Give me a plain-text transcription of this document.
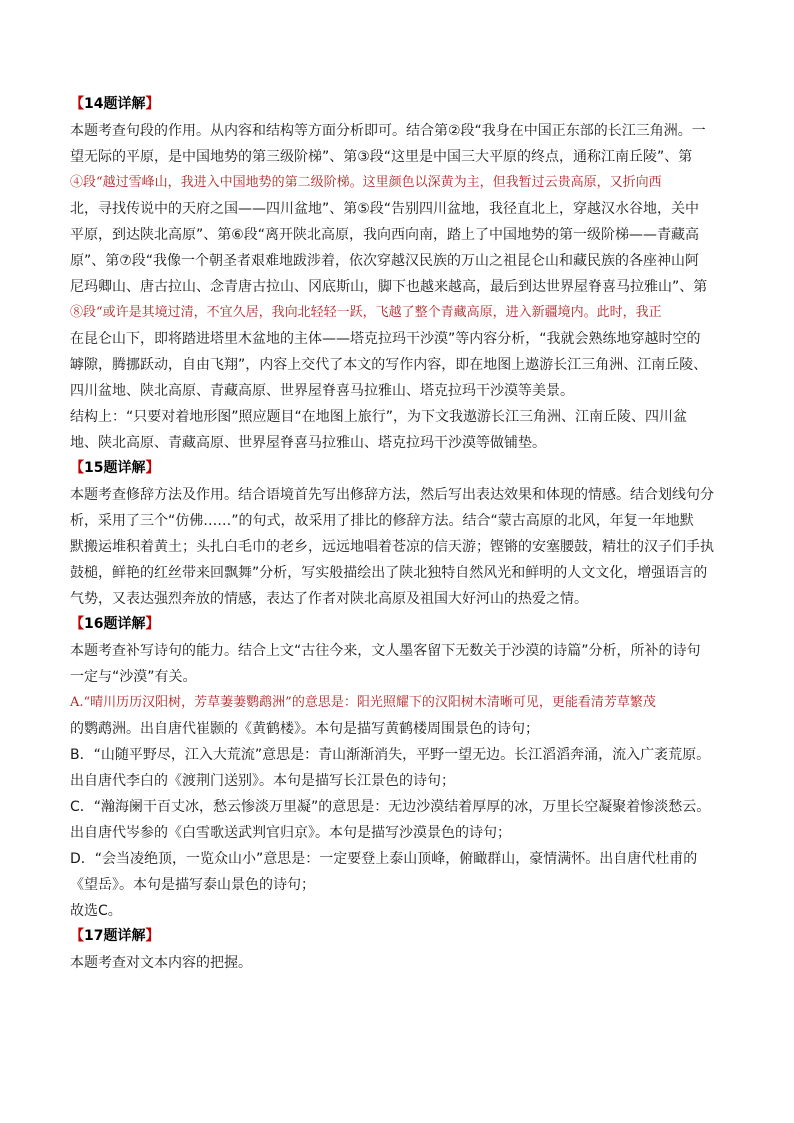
【14题详解】

本题考查句段的作用。从内容和结构等方面分析即可。结合第②段“我身在中国正东部的长江三角洲。一

望无际的平原，是中国地势的第三级阶梯”、第③段“这里是中国三大平原的终点，通称江南丘陵”、第

④段“越过雪峰山，我进入中国地势的第二级阶梯。这里颜色以深黄为主，但我暂过云贵高原，又折向西

北，寻找传说中的天府之国——四川盆地”、第⑤段“告别四川盆地，我径直北上，穿越汉水谷地，关中

平原，到达陕北高原”、第⑥段“离开陕北高原，我向西向南，踏上了中国地势的第一级阶梯——青藏高

原”、第⑦段“我像一个朝圣者艰难地跋涉着，依次穿越汉民族的万山之祖昆仑山和藏民族的各座神山阿

尼玛卿山、唐古拉山、念青唐古拉山、冈底斯山，脚下也越来越高，最后到达世界屋脊喜马拉雅山”、第

⑧段“或许是其境过清，不宜久居，我向北轻轻一跃，飞越了整个青藏高原，进入新疆境内。此时，我正

在昆仑山下，即将踏进塔里木盆地的主体——塔克拉玛干沙漠”等内容分析，“我就会熟练地穿越时空的

罅隙，腾挪跃动，自由飞翔”，内容上交代了本文的写作内容，即在地图上遨游长江三角洲、江南丘陵、

四川盆地、陕北高原、青藏高原、世界屋脊喜马拉雅山、塔克拉玛干沙漠等美景。

结构上：“只要对着地形图”照应题目“在地图上旅行”，为下文我遨游长江三角洲、江南丘陵、四川盆

地、陕北高原、青藏高原、世界屋脊喜马拉雅山、塔克拉玛干沙漠等做铺垫。

【15题详解】

本题考查修辞方法及作用。结合语境首先写出修辞方法，然后写出表达效果和体现的情感。结合划线句分

析，采用了三个“仿佛……”的句式，故采用了排比的修辞方法。结合“蒙古高原的北风，年复一年地默

默搬运堆积着黄土；头扎白毛巾的老乡，远远地唱着苍凉的信天游；铿锵的安塞腰鼓，精壮的汉子们手执

鼓槌，鲜艳的红丝带来回飘舞”分析，写实般描绘出了陕北独特自然风光和鲜明的人文文化，增强语言的

气势，又表达强烈奔放的情感，表达了作者对陕北高原及祖国大好河山的热爱之情。

【16题详解】

本题考查补写诗句的能力。结合上文“古往今来，文人墨客留下无数关于沙漠的诗篇”分析，所补的诗句

一定与“沙漠”有关。

A.“晴川历历汉阳树，芳草萋萋鹦鹉洲”的意思是：阳光照耀下的汉阳树木清晰可见，更能看清芳草繁茂

的鹦鹉洲。出自唐代崔颢的《黄鹤楼》。本句是描写黄鹤楼周围景色的诗句；

B．“山随平野尽，江入大荒流”意思是：青山渐渐消失，平野一望无边。长江滔滔奔涌，流入广袤荒原。

出自唐代李白的《渡荆门送别》。本句是描写长江景色的诗句；

C．“瀚海阑干百丈冰，愁云惨淡万里凝”的意思是：无边沙漠结着厚厚的冰，万里长空凝聚着惨淡愁云。

出自唐代岑参的《白雪歌送武判官归京》。本句是描写沙漠景色的诗句；

D．“会当凌绝顶，一览众山小”意思是：一定要登上泰山顶峰，俯瞰群山，豪情满怀。出自唐代杜甫的

《望岳》。本句是描写泰山景色的诗句；

故选C。

【17题详解】

本题考查对文本内容的把握。
